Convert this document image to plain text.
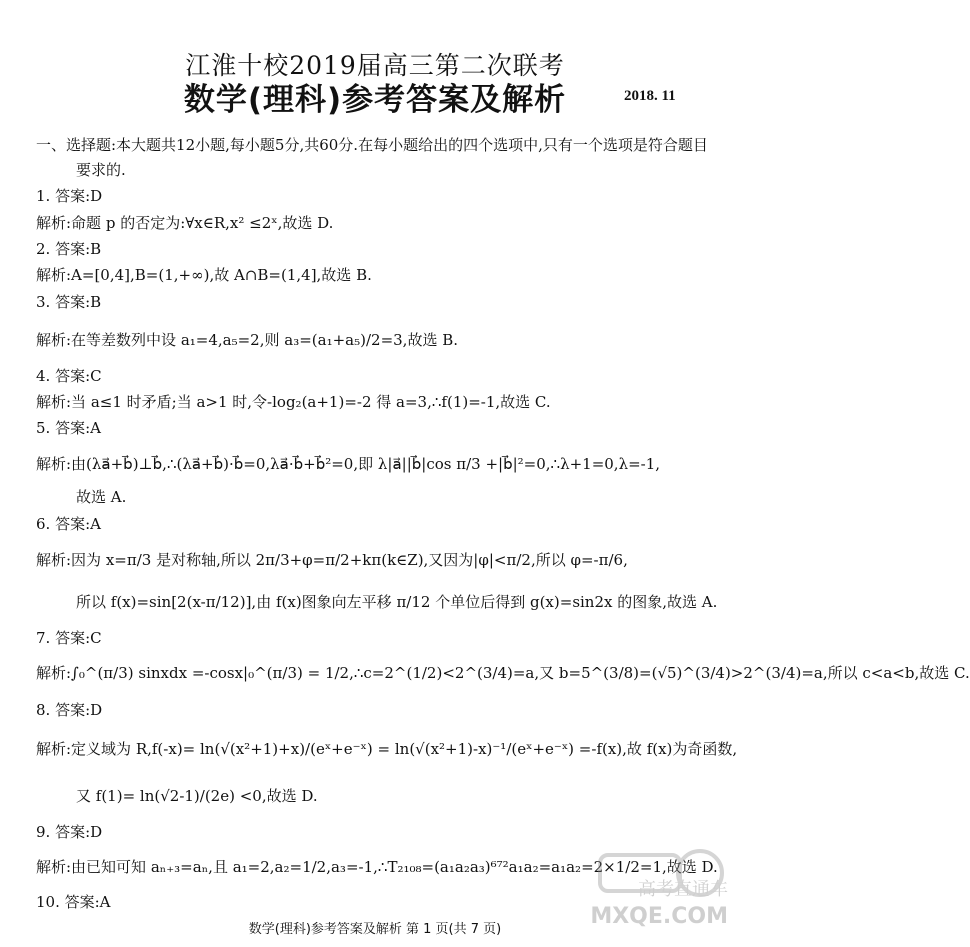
江淮十校2019届高三第二次联考
数学(理科)参考答案及解析	2018. 11
一、选择题:本大题共12小题,每小题5分,共60分.在每小题给出的四个选项中,只有一个选项是符合题目
要求的.
1. 答案:D
解析:命题 p 的否定为:∀x∈R,x² ≤2ˣ,故选 D.
2. 答案:B
解析:A=[0,4],B=(1,+∞),故 A∩B=(1,4],故选 B.
3. 答案:B
解析:在等差数列中设 a₁=4,a₅=2,则 a₃=(a₁+a₅)/2=3,故选 B.
4. 答案:C
解析:当 a≤1 时矛盾;当 a>1 时,令-log₂(a+1)=-2 得 a=3,∴f(1)=-1,故选 C.
5. 答案:A
解析:由(λa⃗+b⃗)⊥b⃗,∴(λa⃗+b⃗)·b⃗=0,λa⃗·b⃗+b⃗²=0,即 λ|a⃗||b⃗|cos π/3 +|b⃗|²=0,∴λ+1=0,λ=-1,
故选 A.
6. 答案:A
解析:因为 x=π/3 是对称轴,所以 2π/3+φ=π/2+kπ(k∈Z),又因为|φ|<π/2,所以 φ=-π/6,
所以 f(x)=sin[2(x-π/12)],由 f(x)图象向左平移 π/12 个单位后得到 g(x)=sin2x 的图象,故选 A.
7. 答案:C
解析:∫₀^(π/3) sinxdx =-cosx|₀^(π/3) = 1/2,∴c=2^(1/2)<2^(3/4)=a,又 b=5^(3/8)=(√5)^(3/4)>2^(3/4)=a,所以 c<a<b,故选 C.
8. 答案:D
解析:定义域为 R,f(-x)= ln(√(x²+1)+x)/(eˣ+e⁻ˣ) = ln(√(x²+1)-x)⁻¹/(eˣ+e⁻ˣ) =-f(x),故 f(x)为奇函数,
又 f(1)= ln(√2-1)/(2e) <0,故选 D.
9. 答案:D
解析:由已知可知 aₙ₊₃=aₙ,且 a₁=2,a₂=1/2,a₃=-1,∴T₂₁₀₈=(a₁a₂a₃)⁶⁷²a₁a₂=a₁a₂=2×1/2=1,故选 D.
10. 答案:A
数学(理科)参考答案及解析 第 1 页(共 7 页)
高考直通车
MXQE.COM
